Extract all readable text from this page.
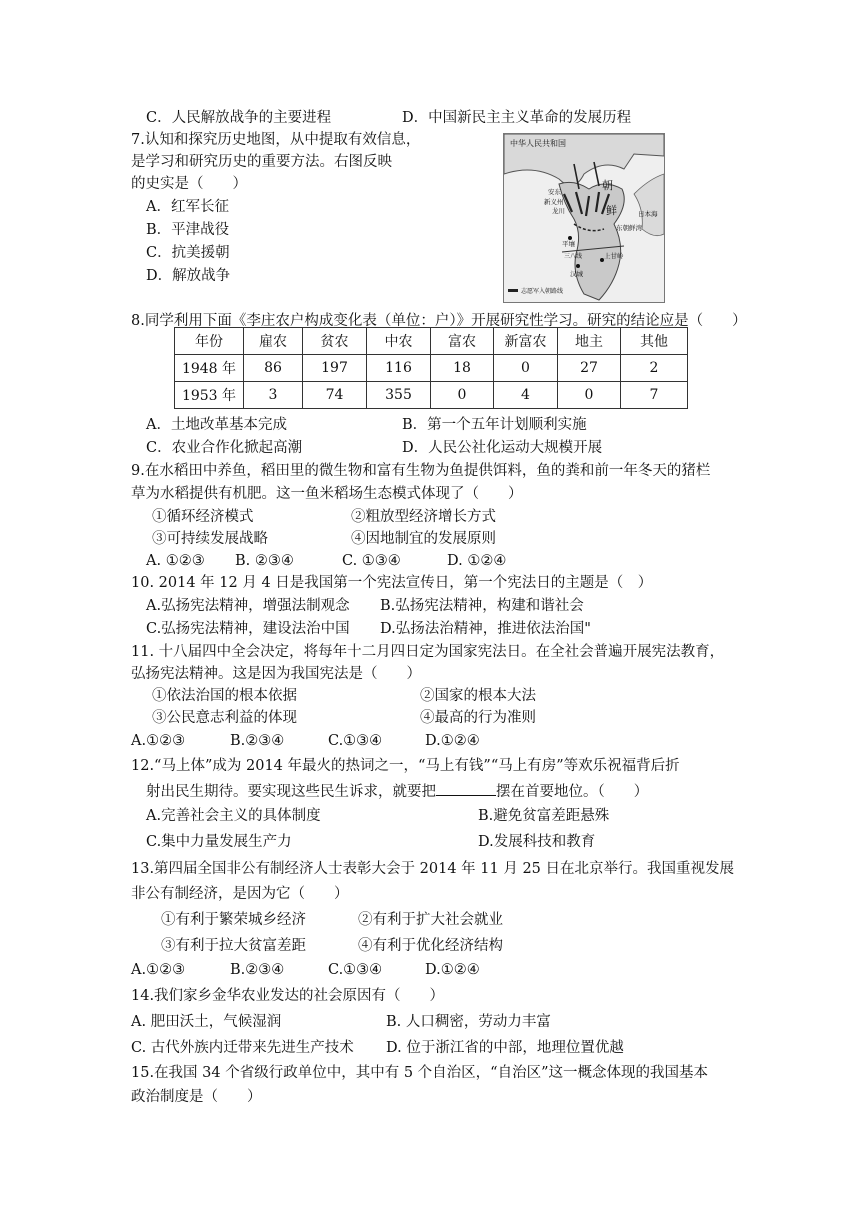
C．人民解放战争的主要进程	D．中国新民主主义革命的发展历程
7.认知和探究历史地图，从中提取有效信息，
是学习和研究历史的重要方法。右图反映
的史实是（　　）
A．红军长征
B．平津战役
C．抗美援朝
D．解放战争
中华人民共和国
安东
新义州
龙川
朝
鲜	日本海
东朝鲜湾
平壤
上甘岭
三八线
汉城
志愿军入朝路线
8.同学利用下面《李庄农户构成变化表（单位：户）》开展研究性学习。研究的结论应是（　　）
年份	雇农	贫农	中农	富农	新富农	地主	其他
1948 年	86	197	116	18	0	27	2
1953 年	3	74	355	0	4	0	7
A．土地改革基本完成	B．第一个五年计划顺利实施
C．农业合作化掀起高潮	D．人民公社化运动大规模开展
9.在水稻田中养鱼，稻田里的微生物和富有生物为鱼提供饵料，鱼的粪和前一年冬天的猪栏
草为水稻提供有机肥。这一鱼米稻场生态模式体现了（　　）
①循环经济模式	②粗放型经济增长方式
③可持续发展战略	④因地制宜的发展原则
A. ①②③ B. ②③④	C. ①③④	D. ①②④
10. 2014 年 12 月 4 日是我国第一个宪法宣传日，第一个宪法日的主题是（　）
A.弘扬宪法精神，增强法制观念 B.弘扬宪法精神，构建和谐社会
C.弘扬宪法精神，建设法治中国 D.弘扬法治精神，推进依法治国"
11. 十八届四中全会决定，将每年十二月四日定为国家宪法日。在全社会普遍开展宪法教育，
弘扬宪法精神。这是因为我国宪法是（　　）
①依法治国的根本依据	②国家的根本大法
③公民意志利益的体现	④最高的行为准则
A.①②③	B.②③④	C.①③④	D.①②④
12.“马上体”成为 2014 年最火的热词之一，“马上有钱”“马上有房”等欢乐祝福背后折
射出民生期待。要实现这些民生诉求，就要把	摆在首要地位。（　　）
A.完善社会主义的具体制度	B.避免贫富差距悬殊
C.集中力量发展生产力	D.发展科技和教育
13.第四届全国非公有制经济人士表彰大会于 2014 年 11 月 25 日在北京举行。我国重视发展
非公有制经济，是因为它（　　）
①有利于繁荣城乡经济	②有利于扩大社会就业
③有利于拉大贫富差距	④有利于优化经济结构
A.①②③	B.②③④	C.①③④	D.①②④
14.我们家乡金华农业发达的社会原因有（　　）
A. 肥田沃土，气候湿润	B. 人口稠密，劳动力丰富
C. 古代外族内迁带来先进生产技术 D. 位于浙江省的中部，地理位置优越
15.在我国 34 个省级行政单位中，其中有 5 个自治区，“自治区”这一概念体现的我国基本
政治制度是（　　）
